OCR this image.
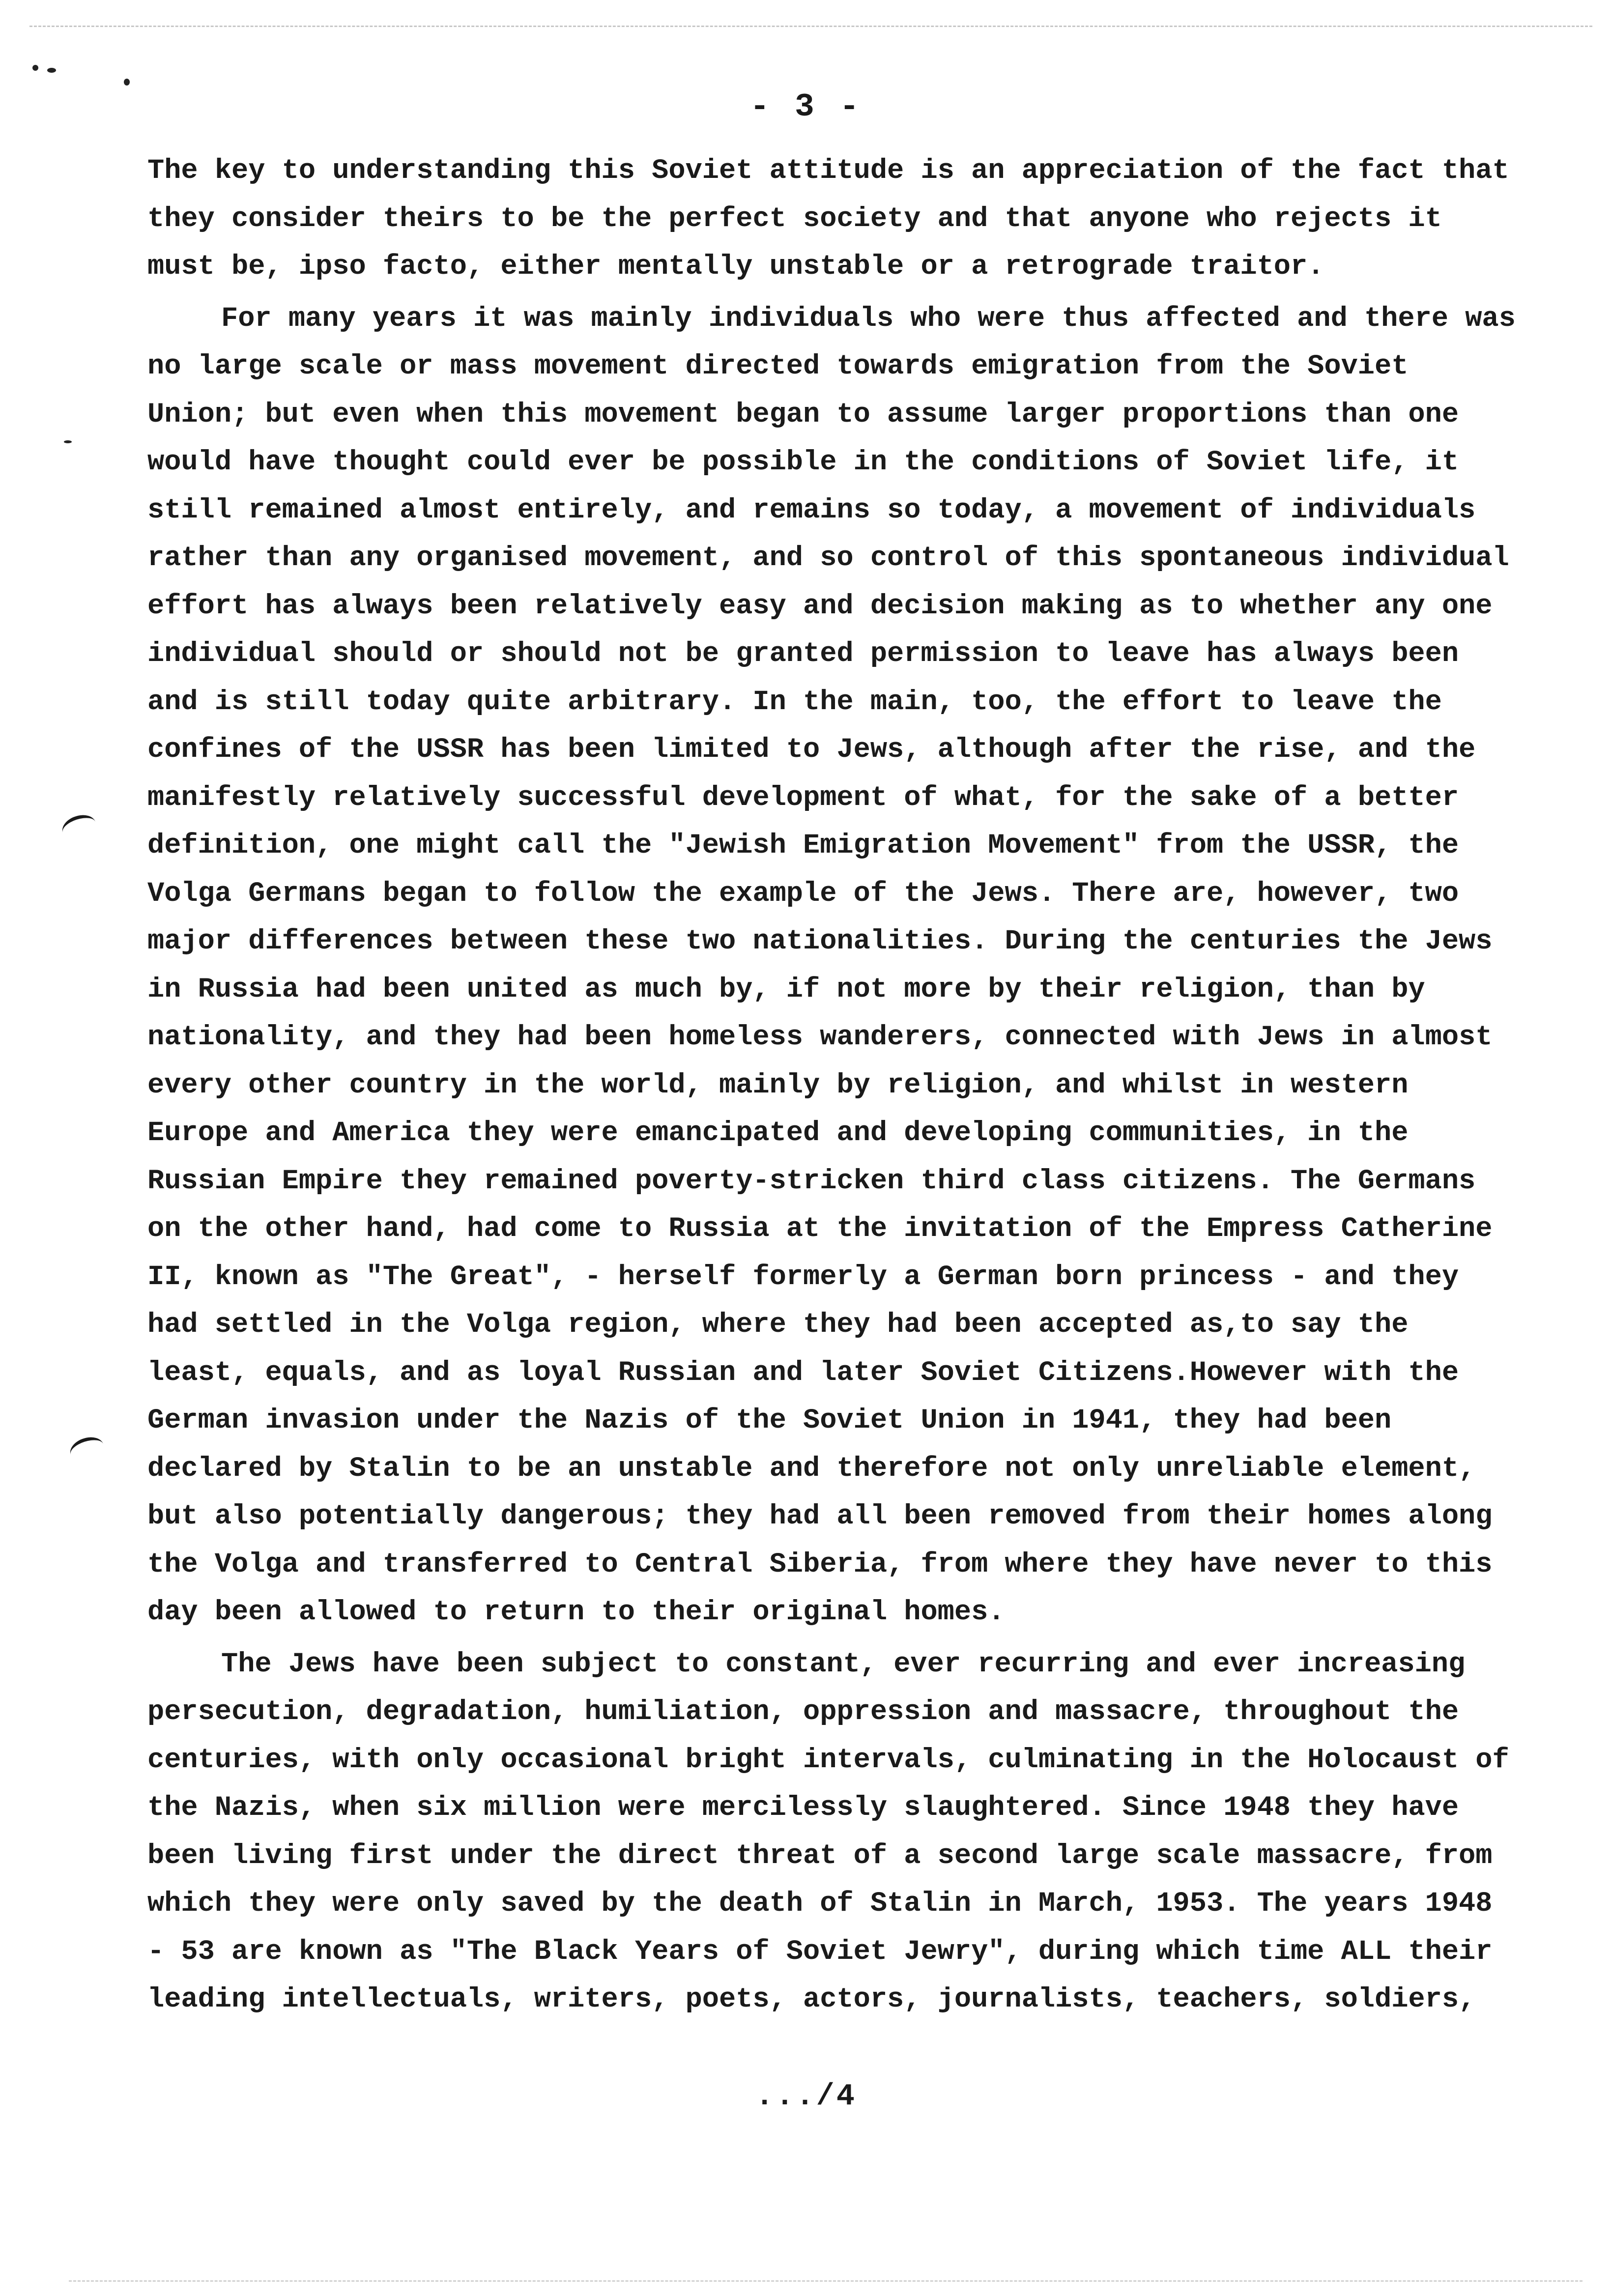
- 3 -

The key to understanding this Soviet attitude is an appreciation of the fact that they consider theirs to be the perfect society and that anyone who rejects it must be, ipso facto, either mentally unstable or a retrograde traitor.

For many years it was mainly individuals who were thus affected and there was no large scale or mass movement directed towards emigration from the Soviet Union; but even when this movement began to assume larger proportions than one would have thought could ever be possible in the conditions of Soviet life, it still remained almost entirely, and remains so today, a movement of individuals rather than any organised movement, and so control of this spontaneous individual effort has always been relatively easy and decision making as to whether any one individual should or should not be granted permission to leave has always been and is still today quite arbitrary. In the main, too, the effort to leave the confines of the USSR has been limited to Jews, although after the rise, and the manifestly relatively successful development of what, for the sake of a better definition, one might call the "Jewish Emigration Movement" from the USSR, the Volga Germans began to follow the example of the Jews. There are, however, two major differences between these two nationalities. During the centuries the Jews in Russia had been united as much by, if not more by their religion, than by nationality, and they had been homeless wanderers, connected with Jews in almost every other country in the world, mainly by religion, and whilst in western Europe and America they were emancipated and developing communities, in the Russian Empire they remained poverty-stricken third class citizens. The Germans on the other hand, had come to Russia at the invitation of the Empress Catherine II, known as "The Great", - herself formerly a German born princess - and they had settled in the Volga region, where they had been accepted as,to say the least, equals, and as loyal Russian and later Soviet Citizens.However with the German invasion under the Nazis of the Soviet Union in 1941, they had been declared by Stalin to be an unstable and therefore not only unreliable element, but also potentially dangerous; they had all been removed from their homes along the Volga and transferred to Central Siberia, from where they have never to this day been allowed to return to their original homes.

The Jews have been subject to constant, ever recurring and ever increasing persecution, degradation, humiliation, oppression and massacre, throughout the centuries, with only occasional bright intervals, culminating in the Holocaust of the Nazis, when six million were mercilessly slaughtered. Since 1948 they have been living first under the direct threat of a second large scale massacre, from which they were only saved by the death of Stalin in March, 1953. The years 1948 - 53 are known as "The Black Years of Soviet Jewry", during which time ALL their leading intellectuals, writers, poets, actors, journalists, teachers, soldiers,

.../4
